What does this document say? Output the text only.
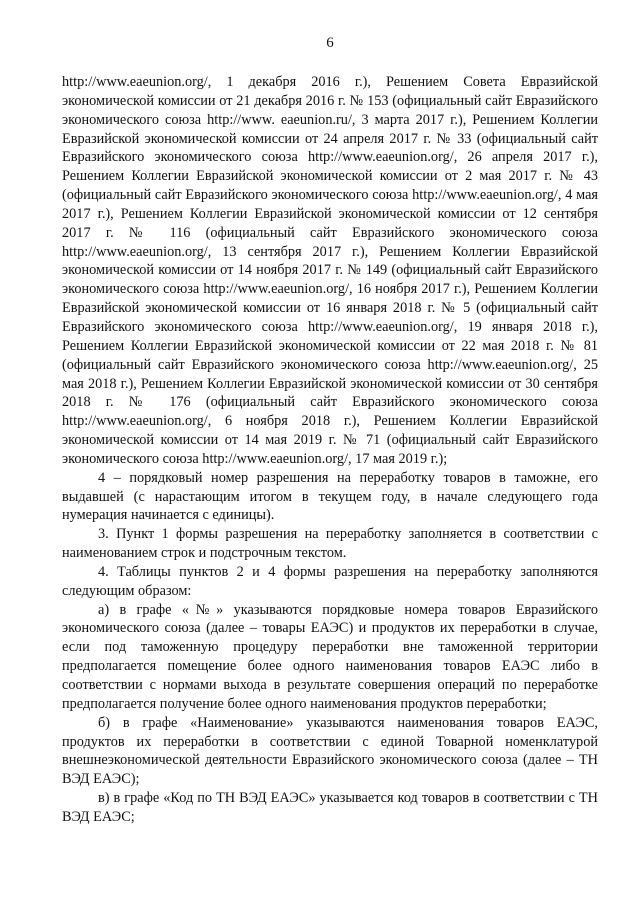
6

http://www.eaeunion.org/, 1 декабря 2016 г.), Решением Совета Евразийской экономической комиссии от 21 декабря 2016 г. № 153 (официальный сайт Евразийского экономического союза http://www. eaeunion.ru/, 3 марта 2017 г.), Решением Коллегии Евразийской экономической комиссии от 24 апреля 2017 г. № 33 (официальный сайт Евразийского экономического союза http://www.eaeunion.org/, 26 апреля 2017 г.), Решением Коллегии Евразийской экономической комиссии от 2 мая 2017 г. № 43 (официальный сайт Евразийского экономического союза http://www.eaeunion.org/, 4 мая 2017 г.), Решением Коллегии Евразийской экономической комиссии от 12 сентября 2017 г. № 116 (официальный сайт Евразийского экономического союза http://www.eaeunion.org/, 13 сентября 2017 г.), Решением Коллегии Евразийской экономической комиссии от 14 ноября 2017 г. № 149 (официальный сайт Евразийского экономического союза http://www.eaeunion.org/, 16 ноября 2017 г.), Решением Коллегии Евразийской экономической комиссии от 16 января 2018 г. № 5 (официальный сайт Евразийского экономического союза http://www.eaeunion.org/, 19 января 2018 г.), Решением Коллегии Евразийской экономической комиссии от 22 мая 2018 г. № 81 (официальный сайт Евразийского экономического союза http://www.eaeunion.org/, 25 мая 2018 г.), Решением Коллегии Евразийской экономической комиссии от 30 сентября 2018 г. № 176 (официальный сайт Евразийского экономического союза http://www.eaeunion.org/, 6 ноября 2018 г.), Решением Коллегии Евразийской экономической комиссии от 14 мая 2019 г. № 71 (официальный сайт Евразийского экономического союза http://www.eaeunion.org/, 17 мая 2019 г.);

4 – порядковый номер разрешения на переработку товаров в таможне, его выдавшей (с нарастающим итогом в текущем году, в начале следующего года нумерация начинается с единицы).

3. Пункт 1 формы разрешения на переработку заполняется в соответствии с наименованием строк и подстрочным текстом.

4. Таблицы пунктов 2 и 4 формы разрешения на переработку заполняются следующим образом:

а) в графе «№» указываются порядковые номера товаров Евразийского экономического союза (далее – товары ЕАЭС) и продуктов их переработки в случае, если под таможенную процедуру переработки вне таможенной территории предполагается помещение более одного наименования товаров ЕАЭС либо в соответствии с нормами выхода в результате совершения операций по переработке предполагается получение более одного наименования продуктов переработки;

б) в графе «Наименование» указываются наименования товаров ЕАЭС, продуктов их переработки в соответствии с единой Товарной номенклатурой внешнеэкономической деятельности Евразийского экономического союза (далее – ТН ВЭД ЕАЭС);

в) в графе «Код по ТН ВЭД ЕАЭС» указывается код товаров в соответствии с ТН ВЭД ЕАЭС;
